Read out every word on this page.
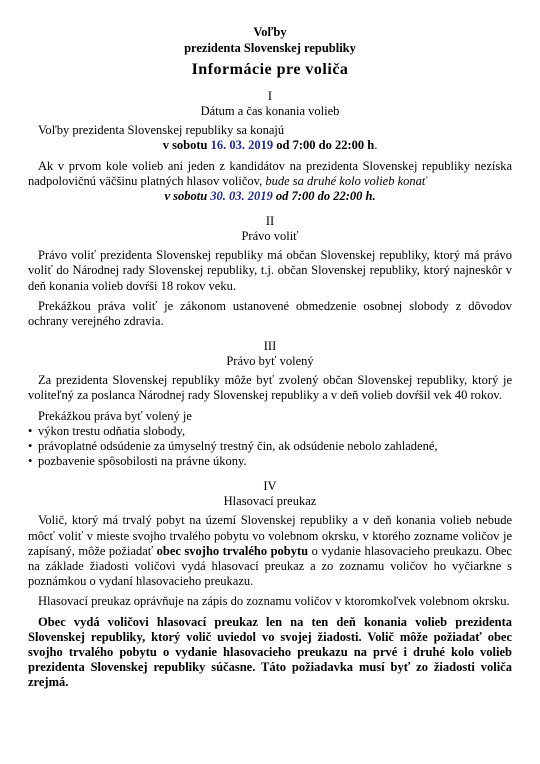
Voľby

prezidenta Slovenskej republiky

Informácie pre voliča

I
Dátum a čas konania volieb

Voľby prezidenta Slovenskej republiky sa konajú

v sobotu 16. 03. 2019 od 7:00 do 22:00 h.

Ak v prvom kole volieb ani jeden z kandidátov na prezidenta Slovenskej republiky nezíska nadpolovičnú väčšinu platných hlasov voličov, bude sa druhé kolo volieb konať

v sobotu 30. 03. 2019 od 7:00 do 22:00 h.
II
Právo voliť

Právo voliť prezidenta Slovenskej republiky má občan Slovenskej republiky, ktorý má právo voliť do Národnej rady Slovenskej republiky, t.j. občan Slovenskej republiky, ktorý najneskôr v deň konania volieb dovŕši 18 rokov veku.

Prekážkou práva voliť je zákonom ustanovené obmedzenie osobnej slobody z dôvodov ochrany verejného zdravia.

III
Právo byť volený

Za prezidenta Slovenskej republiky môže byť zvolený občan Slovenskej republiky, ktorý je voliteľný za poslanca Národnej rady Slovenskej republiky a v deň volieb dovŕšil vek 40 rokov.

Prekážkou práva byť volený je

• výkon trestu odňatia slobody,
• právoplatné odsúdenie za úmyselný trestný čin, ak odsúdenie nebolo zahladené,
• pozbavenie spôsobilosti na právne úkony.
IV
Hlasovací preukaz

Volič, ktorý má trvalý pobyt na území Slovenskej republiky a v deň konania volieb nebude môcť voliť v mieste svojho trvalého pobytu vo volebnom okrsku, v ktorého zozname voličov je zapísaný, môže požiadať obec svojho trvalého pobytu o vydanie hlasovacieho preukazu. Obec na základe žiadosti voličovi vydá hlasovací preukaz a zo zoznamu voličov ho vyčiarkne s poznámkou o vydaní hlasovacieho preukazu.

Hlasovací preukaz oprávňuje na zápis do zoznamu voličov v ktoromkoľvek volebnom okrsku.

Obec vydá voličovi hlasovací preukaz len na ten deň konania volieb prezidenta Slovenskej republiky, ktorý volič uviedol vo svojej žiadosti. Volič môže požiadať obec svojho trvalého pobytu o vydanie hlasovacieho preukazu na prvé i druhé kolo volieb prezidenta Slovenskej republiky súčasne. Táto požiadavka musí byť zo žiadosti voliča zrejmá.
